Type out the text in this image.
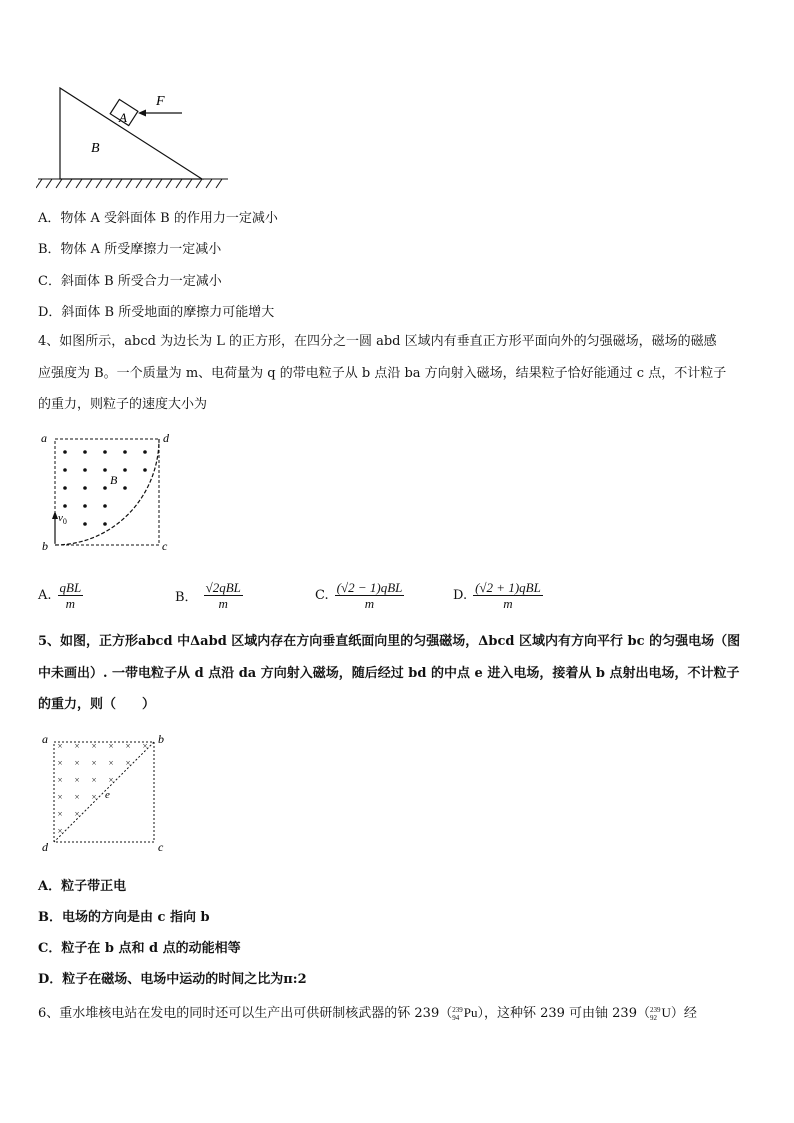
F
A
B
A．物体 A 受斜面体 B 的作用力一定减小
B．物体 A 所受摩擦力一定减小
C．斜面体 B 所受合力一定减小
D．斜面体 B 所受地面的摩擦力可能增大
4、如图所示，abcd 为边长为 L 的正方形，在四分之一圆 abd 区域内有垂直正方形平面向外的匀强磁场，磁场的磁感
应强度为 B。一个质量为 m、电荷量为 q 的带电粒子从 b 点沿 ba 方向射入磁场，结果粒子恰好能通过 c 点，不计粒子
的重力，则粒子的速度大小为
a	d
b	c
B
$v_0$
A. $\frac{\text{qBL}}{m}$	B． $\frac{\text{√2qBL}}{m}$	C. $\frac{\text{(√2 − 1)qBL}}{m}$	D. $\frac{\text{(√2 + 1)qBL}}{m}$
5、如图，正方形abcd 中Δabd 区域内存在方向垂直纸面向里的匀强磁场，Δbcd 区域内有方向平行 bc 的匀强电场（图
中未画出）. 一带电粒子从 d 点沿 da 方向射入磁场，随后经过 bd 的中点 e 进入电场，接着从 b 点射出电场，不计粒子
的重力，则（　　）
× × × × × ×
× × × × ×
× × × ×
× × ×
× ×
×
a	b
d	c
e
A．粒子带正电
B．电场的方向是由 c 指向 b
C．粒子在 b 点和 d 点的动能相等
D．粒子在磁场、电场中运动的时间之比为π:2
6、重水堆核电站在发电的同时还可以生产出可供研制核武器的钚 239（ 239
94 Pu），这种钚 239 可由铀 239（ 239
92 U）经
